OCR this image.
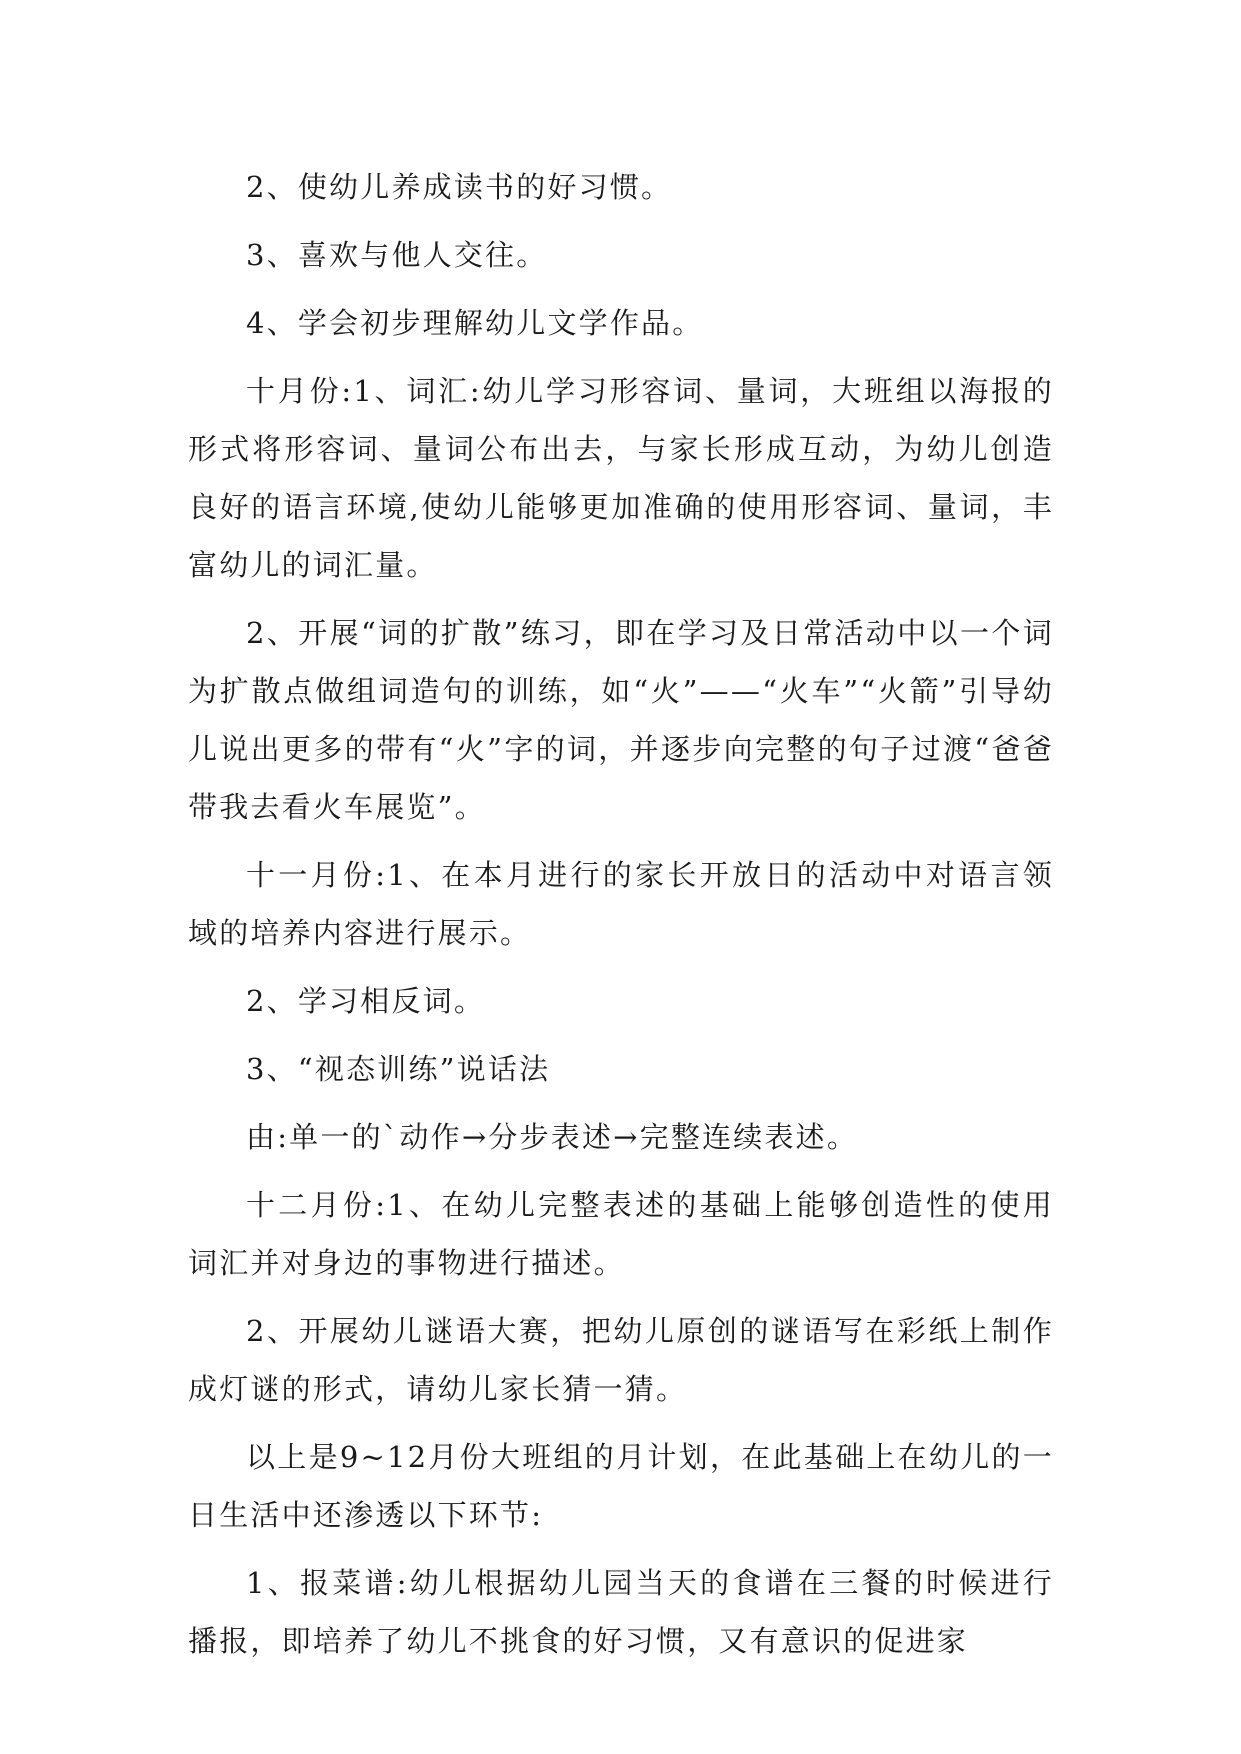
2、使幼儿养成读书的好习惯。

3、喜欢与他人交往。

4、学会初步理解幼儿文学作品。

十月份:1、词汇:幼儿学习形容词、量词，大班组以海报的形式将形容词、量词公布出去，与家长形成互动，为幼儿创造良好的语言环境,使幼儿能够更加准确的使用形容词、量词，丰富幼儿的词汇量。

2、开展“词的扩散”练习，即在学习及日常活动中以一个词为扩散点做组词造句的训练，如“火”——“火车”“火箭”引导幼儿说出更多的带有“火”字的词，并逐步向完整的句子过渡“爸爸带我去看火车展览”。

十一月份:1、在本月进行的家长开放日的活动中对语言领域的培养内容进行展示。

2、学习相反词。

3、“视态训练”说话法

由:单一的`动作→分步表述→完整连续表述。

十二月份:1、在幼儿完整表述的基础上能够创造性的使用词汇并对身边的事物进行描述。

2、开展幼儿谜语大赛，把幼儿原创的谜语写在彩纸上制作成灯谜的形式，请幼儿家长猜一猜。

以上是9~12月份大班组的月计划，在此基础上在幼儿的一日生活中还渗透以下环节:

1、报菜谱:幼儿根据幼儿园当天的食谱在三餐的时候进行播报，即培养了幼儿不挑食的好习惯，又有意识的促进家
